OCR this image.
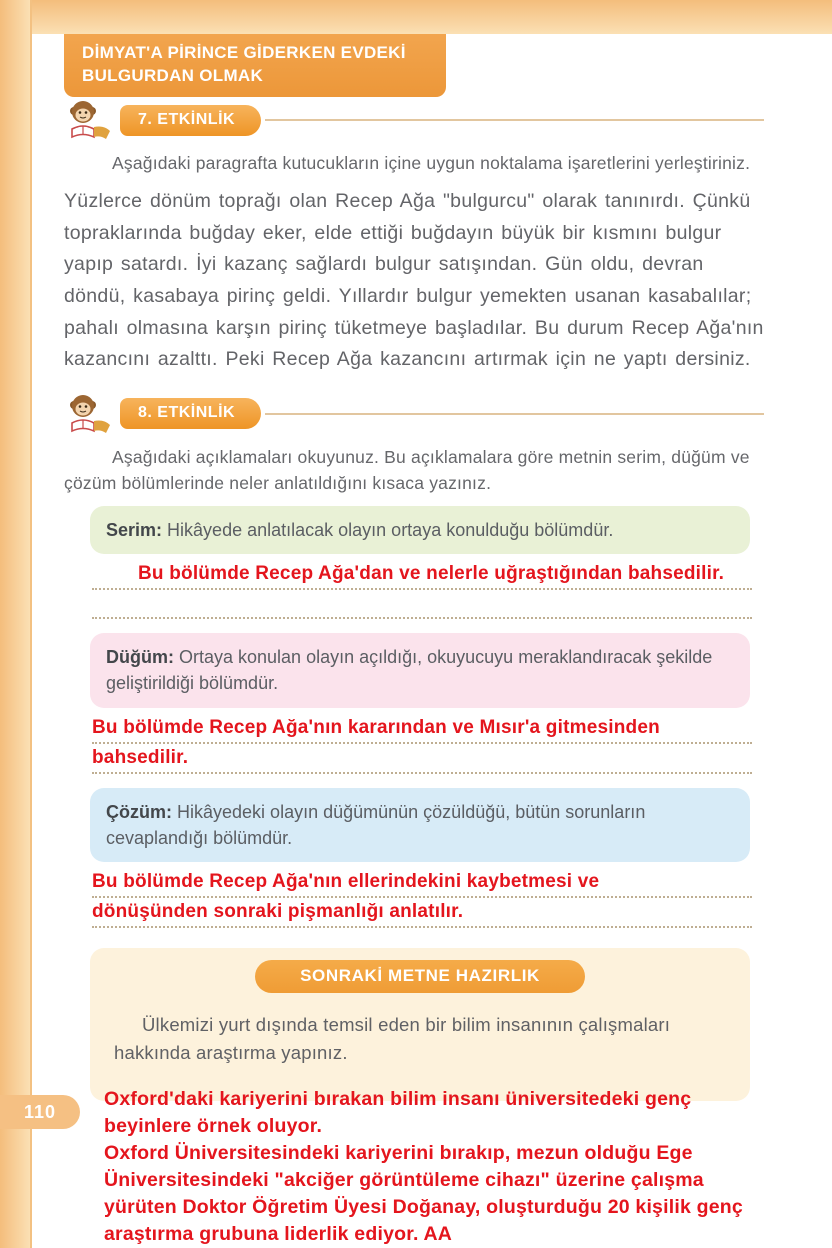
DİMYAT'A PİRİNCE GİDERKEN EVDEKİ
BULGURDAN OLMAK
7. ETKİNLİK

Aşağıdaki paragrafta kutucukların içine uygun noktalama işaretlerini yerleştiriniz.

Yüzlerce dönüm toprağı olan Recep Ağa "bulgurcu" olarak tanınırdı. Çünkü topraklarında buğday eker, elde ettiği buğdayın büyük bir kısmını bulgur yapıp satardı. İyi kazanç sağlardı bulgur satışından. Gün oldu, devran döndü, kasabaya pirinç geldi. Yıllardır bulgur yemekten usanan kasabalılar; pahalı olmasına karşın pirinç tüketmeye başladılar. Bu durum Recep Ağa'nın kazancını azalttı. Peki Recep Ağa kazancını artırmak için ne yaptı dersiniz.

8. ETKİNLİK

Aşağıdaki açıklamaları okuyunuz. Bu açıklamalara göre metnin serim, düğüm ve çözüm bölümlerinde neler anlatıldığını kısaca yazınız.

Serim: Hikâyede anlatılacak olayın ortaya konulduğu bölümdür.
Bu bölümde Recep Ağa'dan ve nelerle uğraştığından bahsedilir.
Düğüm: Ortaya konulan olayın açıldığı, okuyucuyu meraklandıracak şekilde geliştirildiği bölümdür.
Bu bölümde Recep Ağa'nın kararından ve Mısır'a gitmesinden
bahsedilir.
Çözüm: Hikâyedeki olayın düğümünün çözüldüğü, bütün sorunların cevaplandığı bölümdür.
Bu bölümde Recep Ağa'nın ellerindekini kaybetmesi ve
dönüşünden sonraki pişmanlığı anlatılır.
SONRAKİ METNE HAZIRLIK

Ülkemizi yurt dışında temsil eden bir bilim insanının çalışmaları hakkında araştırma yapınız.

110
Oxford'daki kariyerini bırakan bilim insanı üniversitedeki genç
beyinlere örnek oluyor.
Oxford Üniversitesindeki kariyerini bırakıp, mezun olduğu Ege
Üniversitesindeki "akciğer görüntüleme cihazı" üzerine çalışma
yürüten Doktor Öğretim Üyesi Doğanay, oluşturduğu 20 kişilik genç
araştırma grubuna liderlik ediyor. AA
